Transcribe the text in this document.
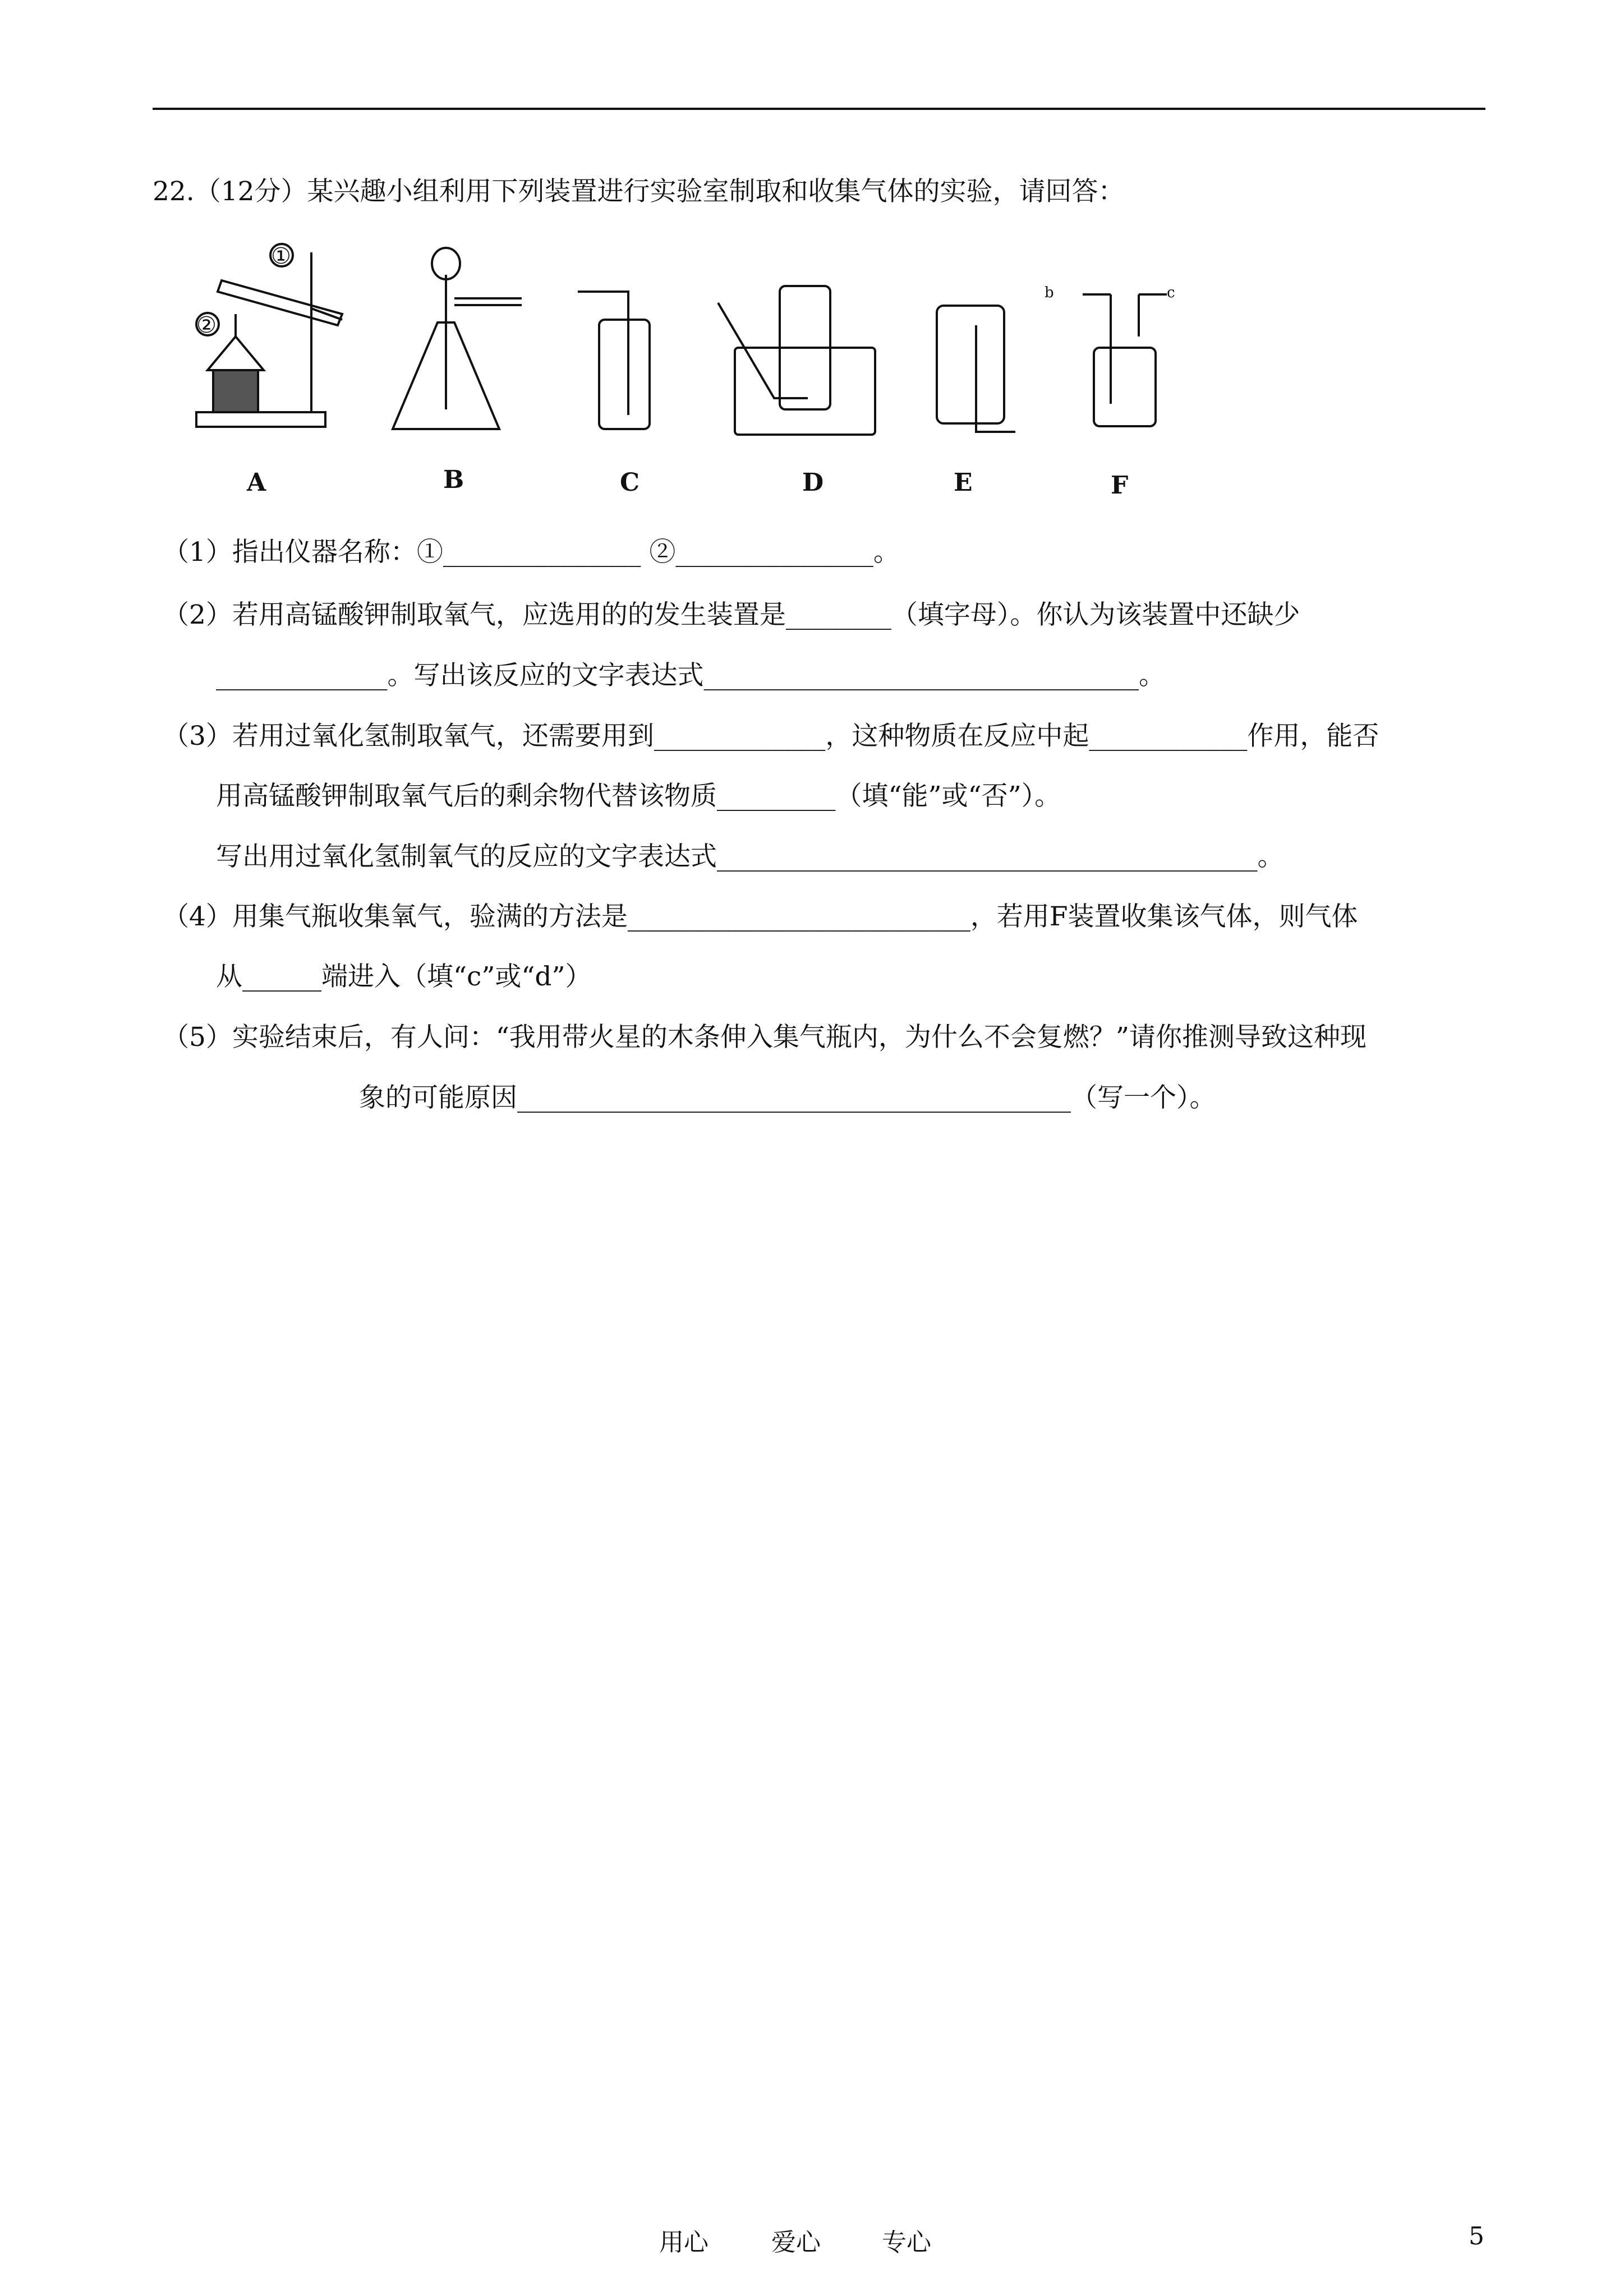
22.（12分）某兴趣小组利用下列装置进行实验室制取和收集气体的实验，请回答：
A	B	C	D	E	F
①
②
b	c
（1）指出仪器名称：①_______________ ②_______________。
（2）若用高锰酸钾制取氧气，应选用的的发生装置是________（填字母）。你认为该装置中还缺少
_____________。写出该反应的文字表达式_________________________________。
（3）若用过氧化氢制取氧气，还需要用到_____________，这种物质在反应中起____________作用，能否
用高锰酸钾制取氧气后的剩余物代替该物质_________（填“能”或“否”）。
写出用过氧化氢制氧气的反应的文字表达式_________________________________________。
（4）用集气瓶收集氧气，验满的方法是__________________________，若用F装置收集该气体，则气体
从______端进入（填“c”或“d”）
（5）实验结束后，有人问：“我用带火星的木条伸入集气瓶内，为什么不会复燃？”请你推测导致这种现
象的可能原因__________________________________________（写一个）。
用心	爱心 专心	5
